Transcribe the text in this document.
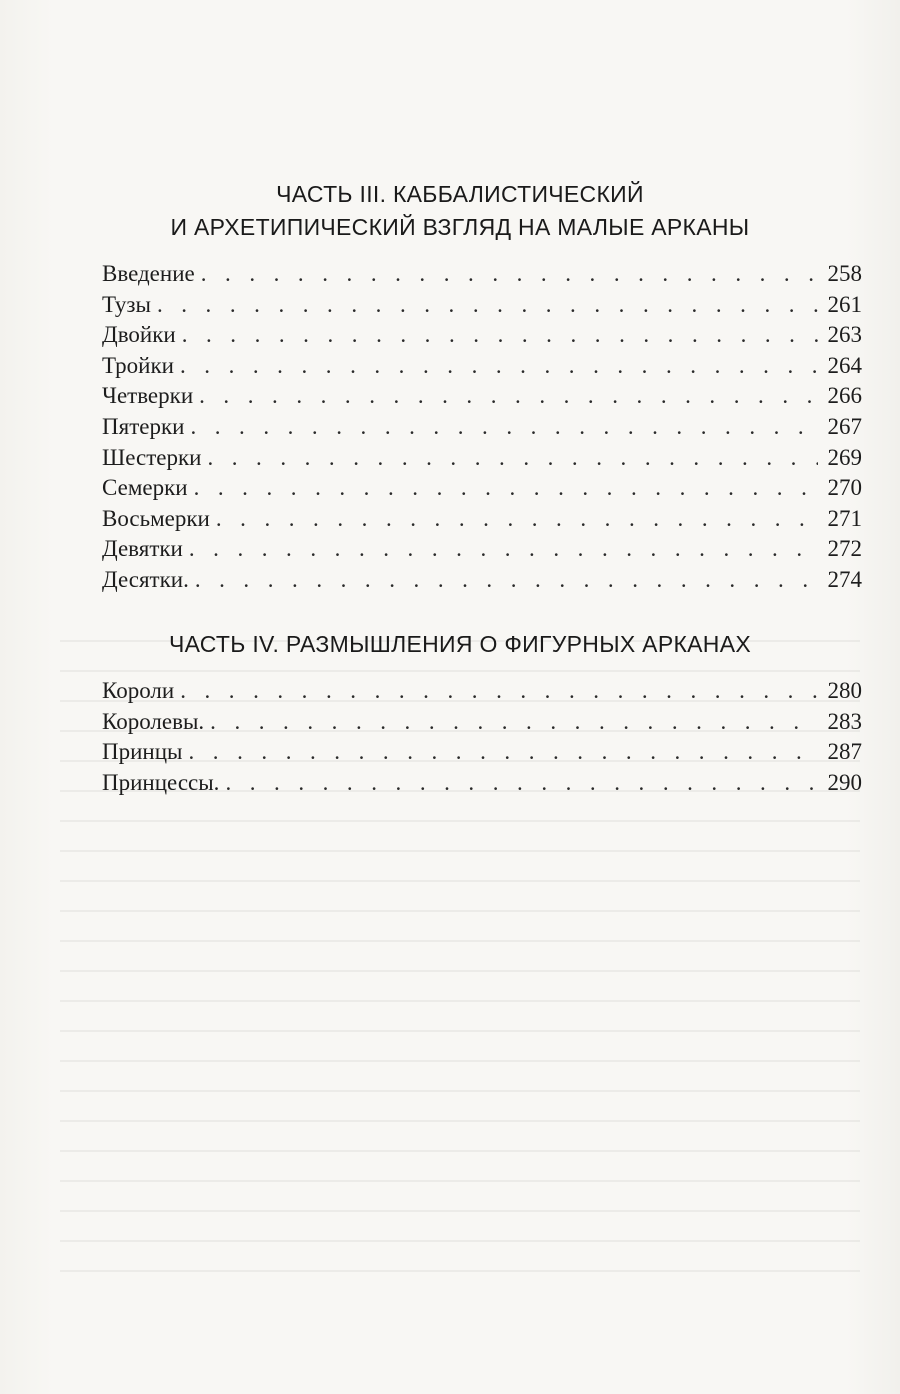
ЧАСТЬ III. КАББАЛИСТИЧЕСКИЙ
И АРХЕТИПИЧЕСКИЙ ВЗГЛЯД НА МАЛЫЕ АРКАНЫ
Введение . . .	258
Тузы . . .	261
Двойки . . .	263
Тройки . . .	264
Четверки . . .	266
Пятерки . . .	267
Шестерки . . .	269
Семерки . . .	270
Восьмерки . . .	271
Девятки . . .	272
Десятки. . . .	274
ЧАСТЬ IV. РАЗМЫШЛЕНИЯ О ФИГУРНЫХ АРКАНАХ
Короли . . .	280
Королевы. . . .	283
Принцы . . .	287
Принцессы. . . .	290
